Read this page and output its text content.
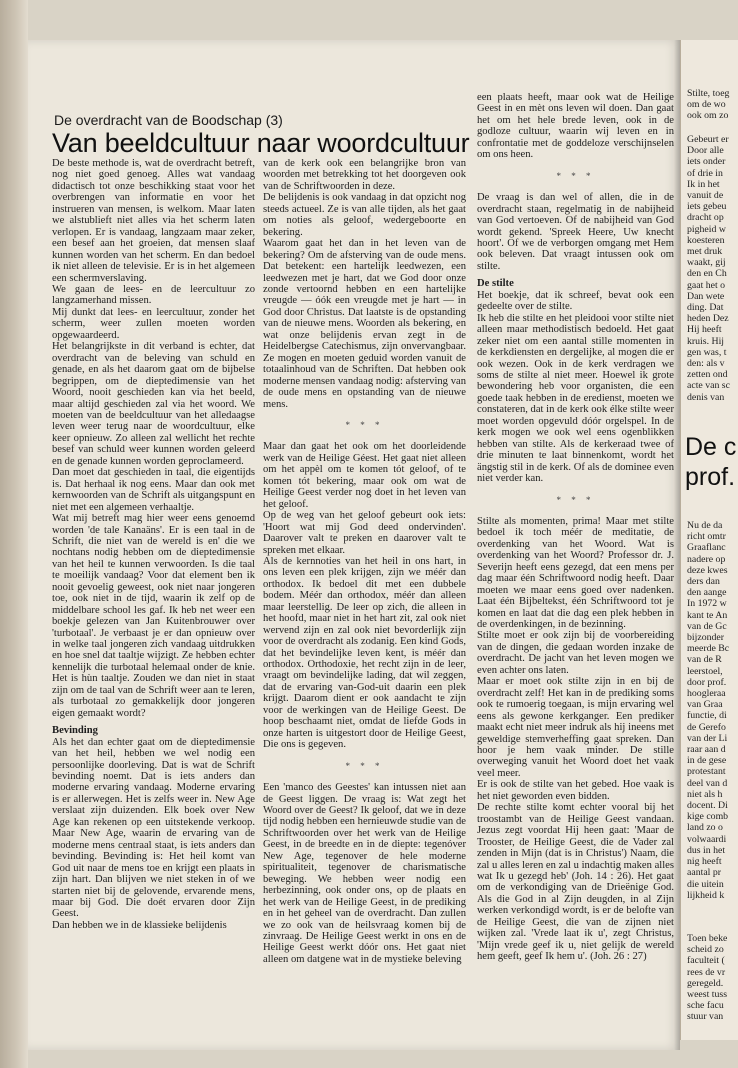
De overdracht van de Boodschap (3)
Van beeldcultuur naar woordcultuur

De beste methode is, wat de overdracht betreft, nog niet goed genoeg. Alles wat vandaag didactisch tot onze beschikking staat voor het overbrengen van informatie en voor het instrueren van mensen, is welkom. Maar laten we alstublieft niet alles via het scherm laten verlopen. Er is vandaag, langzaam maar zeker, een besef aan het groeien, dat mensen slaaf kunnen worden van het scherm. En dan bedoel ik niet alleen de televisie. Er is in het algemeen een schermverslaving.

We gaan de lees- en de leercultuur zo langzamerhand missen.

Mij dunkt dat lees- en leercultuur, zonder het scherm, weer zullen moeten worden opgewaardeerd.

Het belangrijkste in dit verband is echter, dat overdracht van de beleving van schuld en genade, en als het daarom gaat om de bijbelse begrippen, om de dieptedimensie van het Woord, nooit geschieden kan via het beeld, maar altijd geschieden zal via het woord. We moeten van de beeldcultuur van het alledaagse leven weer terug naar de woordcultuur, elke keer opnieuw. Zo alleen zal wellicht het rechte besef van schuld weer kunnen worden geleerd en de genade kunnen worden geproclameerd.

Dan moet dat geschieden in taal, die eigentijds is. Dat herhaal ik nog eens. Maar dan ook met kernwoorden van de Schrift als uitgangspunt en niet met een algemeen verhaaltje.

Wat mij betreft mag hier weer eens genoemd worden 'de tale Kanaäns'. Er is een taal in de Schrift, die niet van de wereld is en' die we nochtans nodig hebben om de dieptedimensie van het heil te kunnen verwoorden. Is die taal te moeilijk vandaag? Voor dat element ben ik nooit gevoelig geweest, ook niet naar jongeren toe, ook niet in de tijd, waarin ik zelf op de middelbare school les gaf. Ik heb net weer een boekje gelezen van Jan Kuitenbrouwer over 'turbotaal'. Je verbaast je er dan opnieuw over in welke taal jongeren zich vandaag uitdrukken en hoe snel dat taaltje wijzigt. Ze hebben echter kennelijk die turbotaal helemaal onder de knie. Het is hùn taaltje. Zouden we dan niet in staat zijn om de taal van de Schrift weer aan te leren, als turbotaal zo gemakkelijk door jongeren eigen gemaakt wordt?

Bevinding

Als het dan echter gaat om de dieptedimensie van het heil, hebben we wel nodig een persoonlijke doorleving. Dat is wat de Schrift bevinding noemt. Dat is iets anders dan moderne ervaring vandaag. Moderne ervaring is er allerwegen. Het is zelfs weer in. New Age verslaat zijn duizenden. Elk boek over New Age kan rekenen op een uitstekende verkoop. Maar New Age, waarin de ervaring van de moderne mens centraal staat, is iets anders dan bevinding. Bevinding is: Het heil komt van God uit naar de mens toe en krijgt een plaats in zijn hart. Dan blijven we niet steken in of we starten niet bij de gelovende, ervarende mens, maar bij God. Die doét ervaren door Zijn Geest.

Dan hebben we in de klassieke belijdenis

van de kerk ook een belangrijke bron van woorden met betrekking tot het doorgeven ook van de Schriftwoorden in deze.

De belijdenis is ook vandaag in dat opzicht nog steeds actueel. Ze is van alle tijden, als het gaat om noties als geloof, wedergeboorte en bekering.

Waarom gaat het dan in het leven van de bekering? Om de afsterving van de oude mens. Dat betekent: een hartelijk leedwezen, een leedwezen met je hart, dat we God door onze zonde vertoornd hebben en een hartelijke vreugde — óók een vreugde met je hart — in God door Christus. Dat laatste is de opstanding van de nieuwe mens. Woorden als bekering, en wat onze belijdenis ervan zegt in de Heidelbergse Catechismus, zijn onvervangbaar. Ze mogen en moeten geduid worden vanuit de totaalinhoud van de Schriften. Dat hebben ook moderne mensen vandaag nodig: afsterving van de oude mens en opstanding van de nieuwe mens.

* * *

Maar dan gaat het ook om het doorleidende werk van de Heilige Géest. Het gaat niet alleen om het appèl om te komen tót geloof, of te komen tót bekering, maar ook om wat de Heilige Geest verder nog doet in het leven van het geloof.

Op de weg van het geloof gebeurt ook iets: 'Hoort wat mij God deed ondervinden'. Daarover valt te preken en daarover valt te spreken met elkaar.

Als de kernnoties van het heil in ons hart, in ons leven een plek krijgen, zijn we méér dan orthodox. Ik bedoel dit met een dubbele bodem. Méér dan orthodox, méér dan alleen maar leerstellig. De leer op zich, die alleen in het hoofd, maar niet in het hart zit, zal ook niet wervend zijn en zal ook niet bevorderlijk zijn voor de overdracht als zodanig. Een kind Gods, dat het bevindelijke leven kent, is méér dan orthodox. Orthodoxie, het recht zijn in de leer, vraagt om bevindelijke lading, dat wil zeggen, dat de ervaring van-God-uit daarin een plek krijgt. Daarom dient er ook aandacht te zijn voor de werkingen van de Heilige Geest. De hoop beschaamt niet, omdat de liefde Gods in onze harten is uitgestort door de Heilige Geest, Die ons is gegeven.

* * *

Een 'manco des Geestes' kan intussen niet aan de Geest liggen. De vraag is: Wat zegt het Woord over de Geest? Ik geloof, dat we in deze tijd nodig hebben een hernieuwde studie van de Schriftwoorden over het werk van de Heilige Geest, in de breedte en in de diepte: tegenóver New Age, tegenover de hele moderne spiritualiteit, tegenover de charismatische beweging. We hebben weer nodig een herbezinning, ook onder ons, op de plaats en het werk van de Heilige Geest, in de prediking en in het geheel van de overdracht. Dan zullen we zo ook van de heilsvraag komen bij de zinvraag. De Heilige Geest werkt in ons en de Heilige Geest werkt dóór ons. Het gaat niet alleen om datgene wat in de mystieke beleving

een plaats heeft, maar ook wat de Heilige Geest in en mèt ons leven wil doen. Dan gaat het om het hele brede leven, ook in de godloze cultuur, waarin wij leven en in confrontatie met de goddeloze verschijnselen om ons heen.

* * *

De vraag is dan wel of allen, die in de overdracht staan, regelmatig in de nabijheid van God vertoeven. Of de nabijheid van God wordt gekend. 'Spreek Heere, Uw knecht hoort'. Of we de verborgen omgang met Hem ook beleven. Dat vraagt intussen ook om stilte.

De stilte

Het boekje, dat ik schreef, bevat ook een gedeelte over de stilte.

Ik heb die stilte en het pleidooi voor stilte niet alleen maar methodistisch bedoeld. Het gaat zeker niet om een aantal stille momenten in de kerkdiensten en dergelijke, al mogen die er ook wezen. Ook in de kerk verdragen we soms de stilte al niet meer. Hoewel ik grote bewondering heb voor organisten, die een goede taak hebben in de eredienst, moeten we constateren, dat in de kerk ook élke stilte weer moet worden opgevuld dóór orgelspel. In de kerk mogen we ook wel eens ogenblikken hebben van stilte. Als de kerkeraad twee of drie minuten te laat binnenkomt, wordt het ängstig stil in de kerk. Of als de dominee even niet verder kan.

* * *

Stilte als momenten, prima! Maar met stilte bedoel ik toch méér de meditatie, de overdenking van het Woord. Wat is overdenking van het Woord? Professor dr. J. Severijn heeft eens gezegd, dat een mens per dag maar één Schriftwoord nodig heeft. Daar moeten we maar eens goed over nadenken. Laat één Bijbeltekst, één Schriftwoord tot je komen en laat dat die dag een plek hebben in de overdenkingen, in de bezinning.

Stilte moet er ook zijn bij de voorbereiding van de dingen, die gedaan worden inzake de overdracht. De jacht van het leven mogen we even achter ons laten.

Maar er moet ook stilte zijn in en bij de overdracht zelf! Het kan in de prediking soms ook te rumoerig toegaan, is mijn ervaring wel eens als gewone kerkganger. Een prediker maakt echt niet meer indruk als hij ineens met geweldige stemverheffing gaat spreken. Dan hoor je hem vaak minder. De stille overweging vanuit het Woord doet het vaak veel meer.

Er is ook de stilte van het gebed. Hoe vaak is het niet geworden even bidden.

De rechte stilte komt echter vooral bij het troostambt van de Heilige Geest vandaan. Jezus zegt voordat Hij heen gaat: 'Maar de Trooster, de Heilige Geest, die de Vader zal zenden in Mijn (dat is in Christus') Naam, die zal u alles leren en zal u indachtig maken alles wat Ik u gezegd heb' (Joh. 14 : 26). Het gaat om de verkondiging van de Drieënige God. Als die God in al Zijn deugden, in al Zijn werken verkondigd wordt, is er de belofte van de Heilige Geest, die van de zijnen niet wijken zal. 'Vrede laat ik u', zegt Christus, 'Mijn vrede geef ik u, niet gelijk de wereld hem geeft, geef Ik hem u'. (Joh. 26 : 27)

Stilte, toeg
om de wo
ook om zo
Gebeurt er
Door alle
iets onder
of drie in
Ik in het
vanuit de
iets gebeu
dracht op
pigheid w
koesteren
met druk
waakt, gij
den en Ch
gaat het o
Dan wete
ding. Dat
heden Dez
Hij heeft
kruis. Hij
gen was, t
den: als v
zetten ond
acte van sc
denis van
De c
prof.
Nu de da
richt omtr
Graaflanc
nadere op
deze kwes
ders dan
den aange
In 1972 w
kant te An
van de Gc
bijzonder
meerde Bc
van de R
leerstoel,
door prof.
hoogleraa
van Graa
functie, di
de Gerefo
van der Li
raar aan d
in de gese
protestant
deel van d
niet als h
docent. Di
kige comb
land zo o
volwaardi
dus in het
nig heeft
aantal pr
die uitein
lijkheid k
Toen beke
scheid zo
faculteit (
rees de vr
geregeld.
weest tuss
sche facu
stuur van
